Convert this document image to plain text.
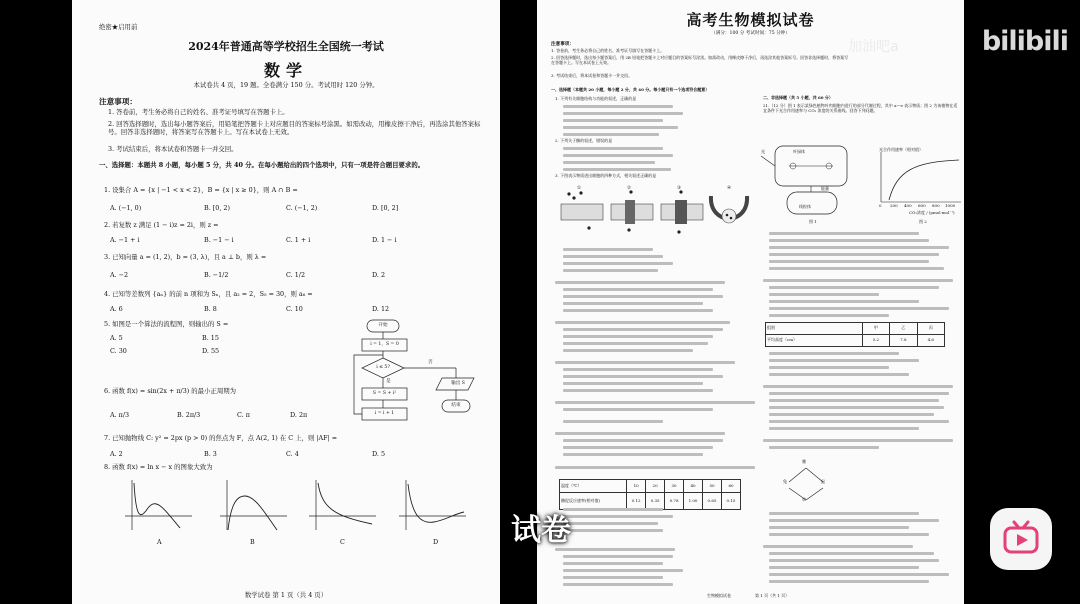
绝密★启用前
2024年普通高等学校招生全国统一考试
数学
本试卷共 4 页，19 题。全卷满分 150 分。考试用时 120 分钟。
注意事项：
1. 答卷前，考生务必将自己的姓名、准考证号填写在答题卡上。
2. 回答选择题时，选出每小题答案后，用铅笔把答题卡上对应题目的答案标号涂黑。如需改动，用橡皮擦干净后，再选涂其他答案标号。回答非选择题时，将答案写在答题卡上。写在本试卷上无效。
3. 考试结束后，将本试卷和答题卡一并交回。
一、选择题：本题共 8 小题，每小题 5 分，共 40 分。在每小题给出的四个选项中，只有一项是符合题目要求的。
1. 设集合 A = {x | −1 < x < 2}，B = {x | x ≥ 0}，则 A ∩ B =
A. (−1, 0)	B. [0, 2)	C. (−1, 2)	D. [0, 2]
2. 若复数 z 满足 (1 − i)z = 2i，则 z =
A. −1 + i	B. −1 − i	C. 1 + i	D. 1 − i
3. 已知向量 a = (1, 2)，b = (3, λ)，且 a ⊥ b，则 λ =
A. −2	B. −1/2	C. 1/2	D. 2
4. 已知等差数列 {aₙ} 的前 n 项和为 Sₙ，且 a₂ = 2，S₅ = 30，则 a₆ =
A. 6	B. 8	C. 10	D. 12
5. 如图是一个算法的流程图，则输出的 S =
A. 5	B. 15
C. 30	D. 55
开始
i = 1，S = 0
i ≤ 5?
否
是
S = S + i²
i = i + 1
输出 S
结束
6. 函数 f(x) = sin(2x + π/3) 的最小正周期为
A. π/3	B. 2π/3	C. π	D. 2π
7. 已知抛物线 C: y² = 2px (p > 0) 的焦点为 F，点 A(2, 1) 在 C 上，则 |AF| =
A. 2	B. 3	C. 4	D. 5
8. 函数 f(x) = ln x − x 的图象大致为
A	B	C	D
数学试卷 第 1 页（共 4 页）
高考生物模拟试卷
（满分：100 分 考试时间：75 分钟）
注意事项：
1. 答卷前，考生务必将自己的姓名、准考证号填写在答题卡上。
2. 回答选择题时，选出每小题答案后，用 2B 铅笔把答题卡上对应题目的答案标号涂黑。如需改动，用橡皮擦干净后，再选涂其他答案标号。回答非选择题时，将答案写在答题卡上。写在本试卷上无效。
3. 考试结束后，将本试卷和答题卡一并交回。
一、选择题（本题共 20 小题，每小题 2 分，共 40 分。每小题只有一个选项符合题意）
二、非选择题（共 5 小题，共 60 分）
1. 下列有关细胞结构与功能的叙述，正确的是
2. 下列关于酶的叙述，错误的是
3. 下图表示物质进出细胞的四种方式，相关叙述正确的是
①	②	③	④
温度（℃）	10	20	30	40	50	60
酶促反应速率(相对值)	0.12	0.35	0.78	1.00	0.65	0.15
21.（12 分）图 1 表示某绿色植物叶肉细胞内进行的部分代谢过程，其中 a～e 表示物质；图 2 为该植物在适宜条件下光合作用速率与 CO₂ 浓度的关系曲线。回答下列问题。
光	叶绿体
线粒体
能量
图 1
光合作用速率（相对值）
0 200 400 600 800 1000
CO₂浓度 / (μmol·mol⁻¹)
图 2
组别	甲	乙	丙
平均高度（cm）	5.2	7.8	4.6
鹰
兔	鼠
草
生物模拟试卷	第 1 页（共 1 页）
加油吧a	bilibili
试卷
